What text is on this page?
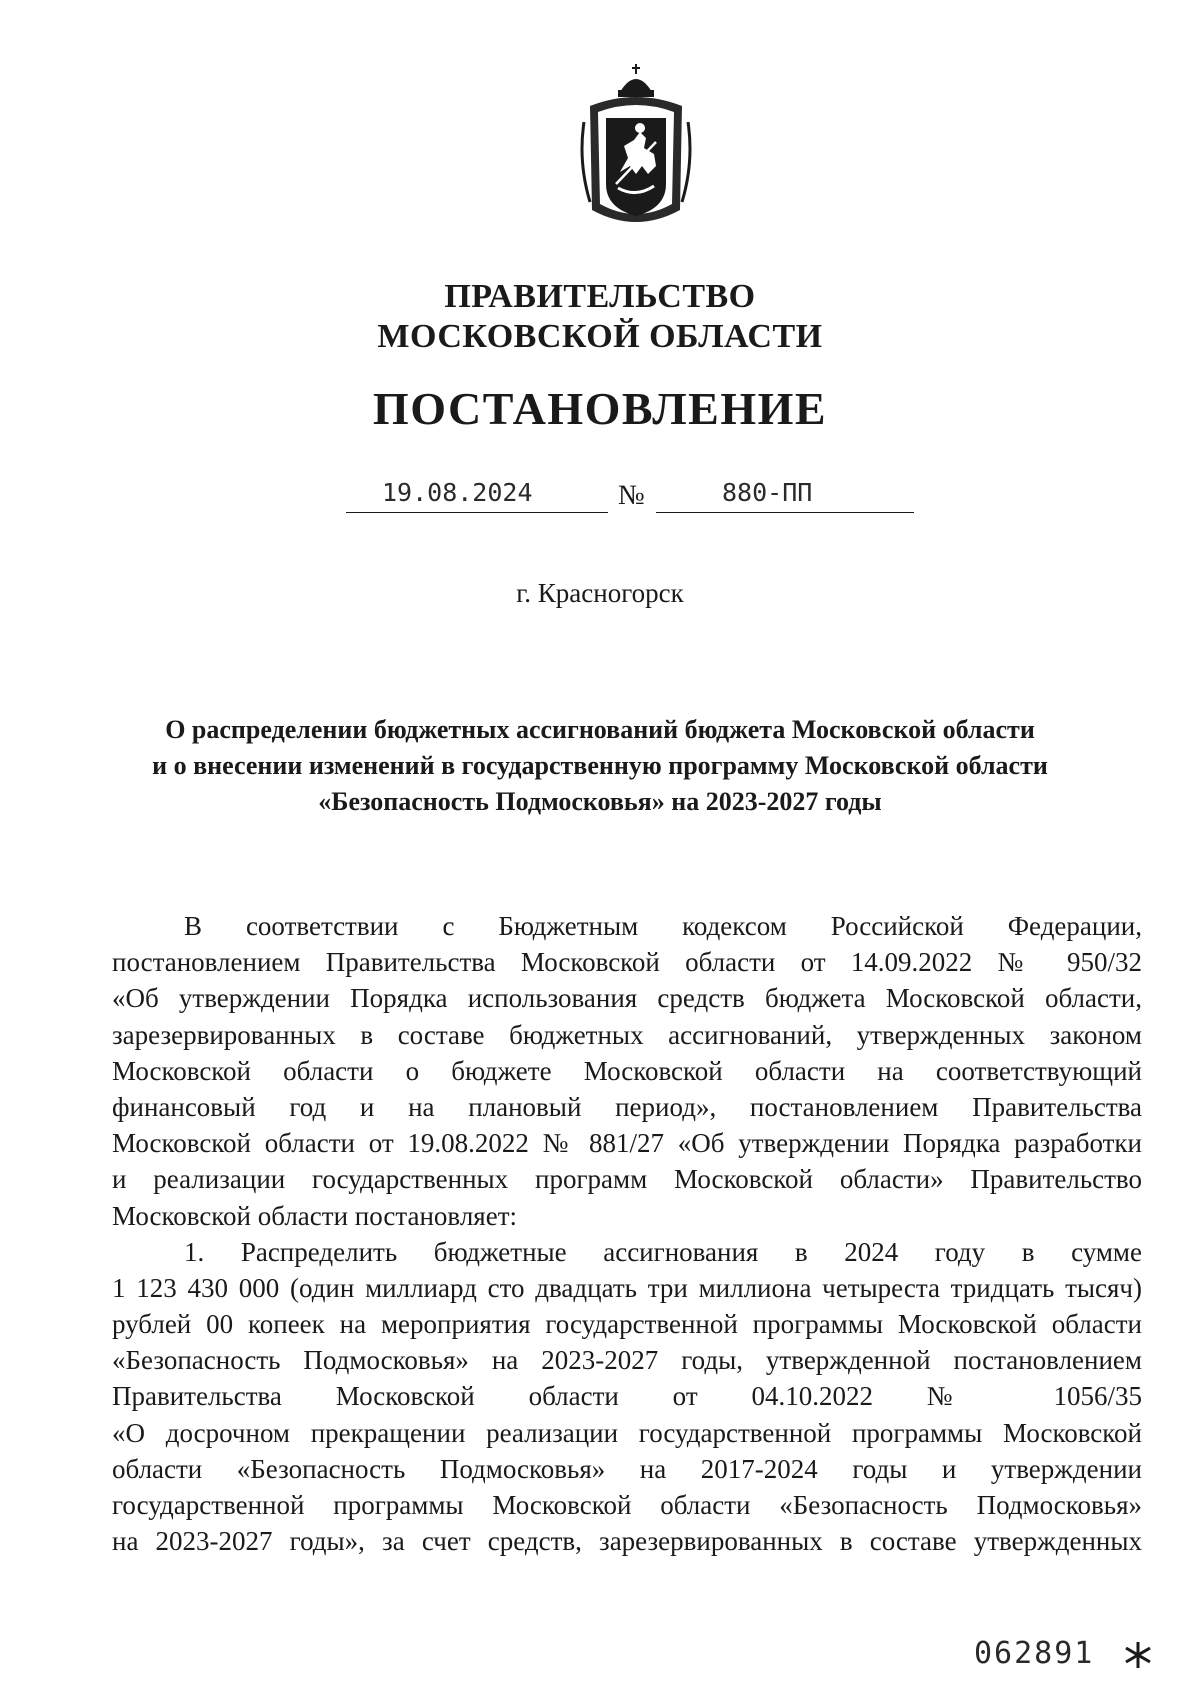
ПРАВИТЕЛЬСТВО
МОСКОВСКОЙ ОБЛАСТИ
ПОСТАНОВЛЕНИЕ
19.08.2024	№	880-ПП
г. Красногорск
О распределении бюджетных ассигнований бюджета Московской области
и о внесении изменений в государственную программу Московской области
«Безопасность Подмосковья» на 2023-2027 годы
В соответствии с Бюджетным кодексом Российской Федерации,
постановлением Правительства Московской области от 14.09.2022 № 950/32
«Об утверждении Порядка использования средств бюджета Московской области,
зарезервированных в составе бюджетных ассигнований, утвержденных законом
Московской области о бюджете Московской области на соответствующий
финансовый год и на плановый период», постановлением Правительства
Московской области от 19.08.2022 № 881/27 «Об утверждении Порядка разработки
и реализации государственных программ Московской области» Правительство
Московской области постановляет:
1. Распределить бюджетные ассигнования в 2024 году в сумме
1 123 430 000 (один миллиард сто двадцать три миллиона четыреста тридцать тысяч)
рублей 00 копеек на мероприятия государственной программы Московской области
«Безопасность Подмосковья» на 2023-2027 годы, утвержденной постановлением
Правительства Московской области от 04.10.2022 № 1056/35
«О досрочном прекращении реализации государственной программы Московской
области «Безопасность Подмосковья» на 2017-2024 годы и утверждении
государственной программы Московской области «Безопасность Подмосковья»
на 2023-2027 годы», за счет средств, зарезервированных в составе утвержденных
062891
